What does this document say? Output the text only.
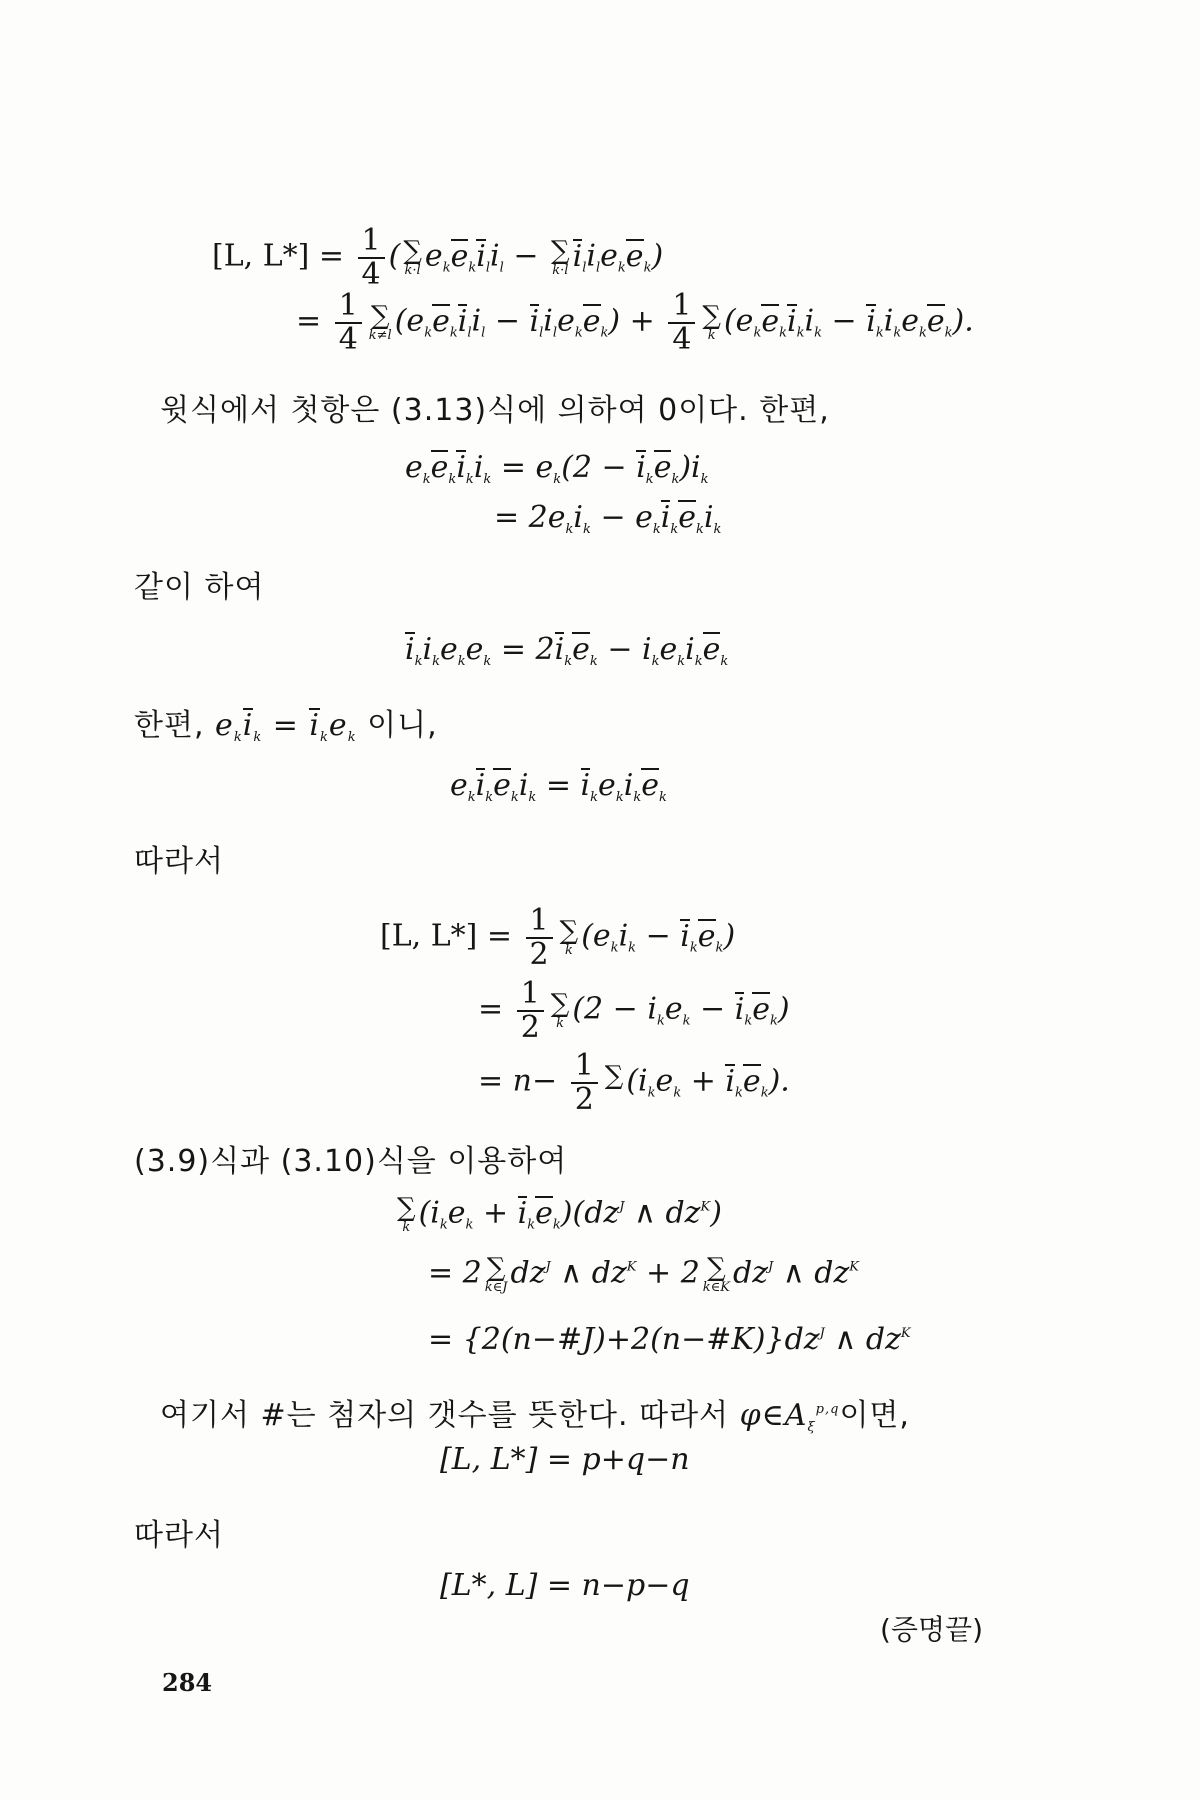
[L, $L*] = \frac{1}{4}$ ( ∑
k·l $e_ke_ki_li_l$ − ∑
k·l $i_li_le_ke_k$)
= $\frac{1}{4}$ ∑
k≠l $(e_ke_ki_li_l - i_li_le_ke_k) + \frac{1}{4}$ ∑
k $(e_ke_ki_ki_k - i_ki_ke_ke_k)$.
윗식에서 첫항은 (3.13)식에 의하여 0이다. 한편,
$e_ke_ki_ki_k = e_k(2 - i_ke_k)i_k$
= $2e_ki_k - e_ki_ke_ki_k$
같이 하여
$i_ki_ke_ke_k = 2i_ke_k - i_ke_ki_ke_k$
한편, $e_ki_k = i_ke_k$ 이니,
$e_ki_ke_ki_k = i_ke_ki_ke_k$
따라서
[L, $L*] = \frac{1}{2}$ ∑
k $(e_ki_k - i_ke_k)$
= $\frac{1}{2}$ ∑
k $(2 - i_ke_k - i_ke_k)$
= $n- \frac{1}{2}$ ∑ $(i_ke_k + i_ke_k)$.
(3.9)식과 (3.10)식을 이용하여
∑
k $(i_ke_k + i_ke_k)(dz^J$ ∧ $dz^K$)
= 2 ∑
k∈J $dz^J$ ∧ $dz^K + 2$ ∑
k∈K $dz^J$ ∧ $dz^K$
= $\{2(n-\#J)+2(n-\#K)\}dz^J$ ∧ $dz^K$
여기서 #는 첨자의 갯수를 뜻한다. 따라서 $\varphi\in A_\xi^{p,q}$이면,
[L, L*] = p+q−n
따라서
[L*, L] = n−p−q
(증명끝)
284
